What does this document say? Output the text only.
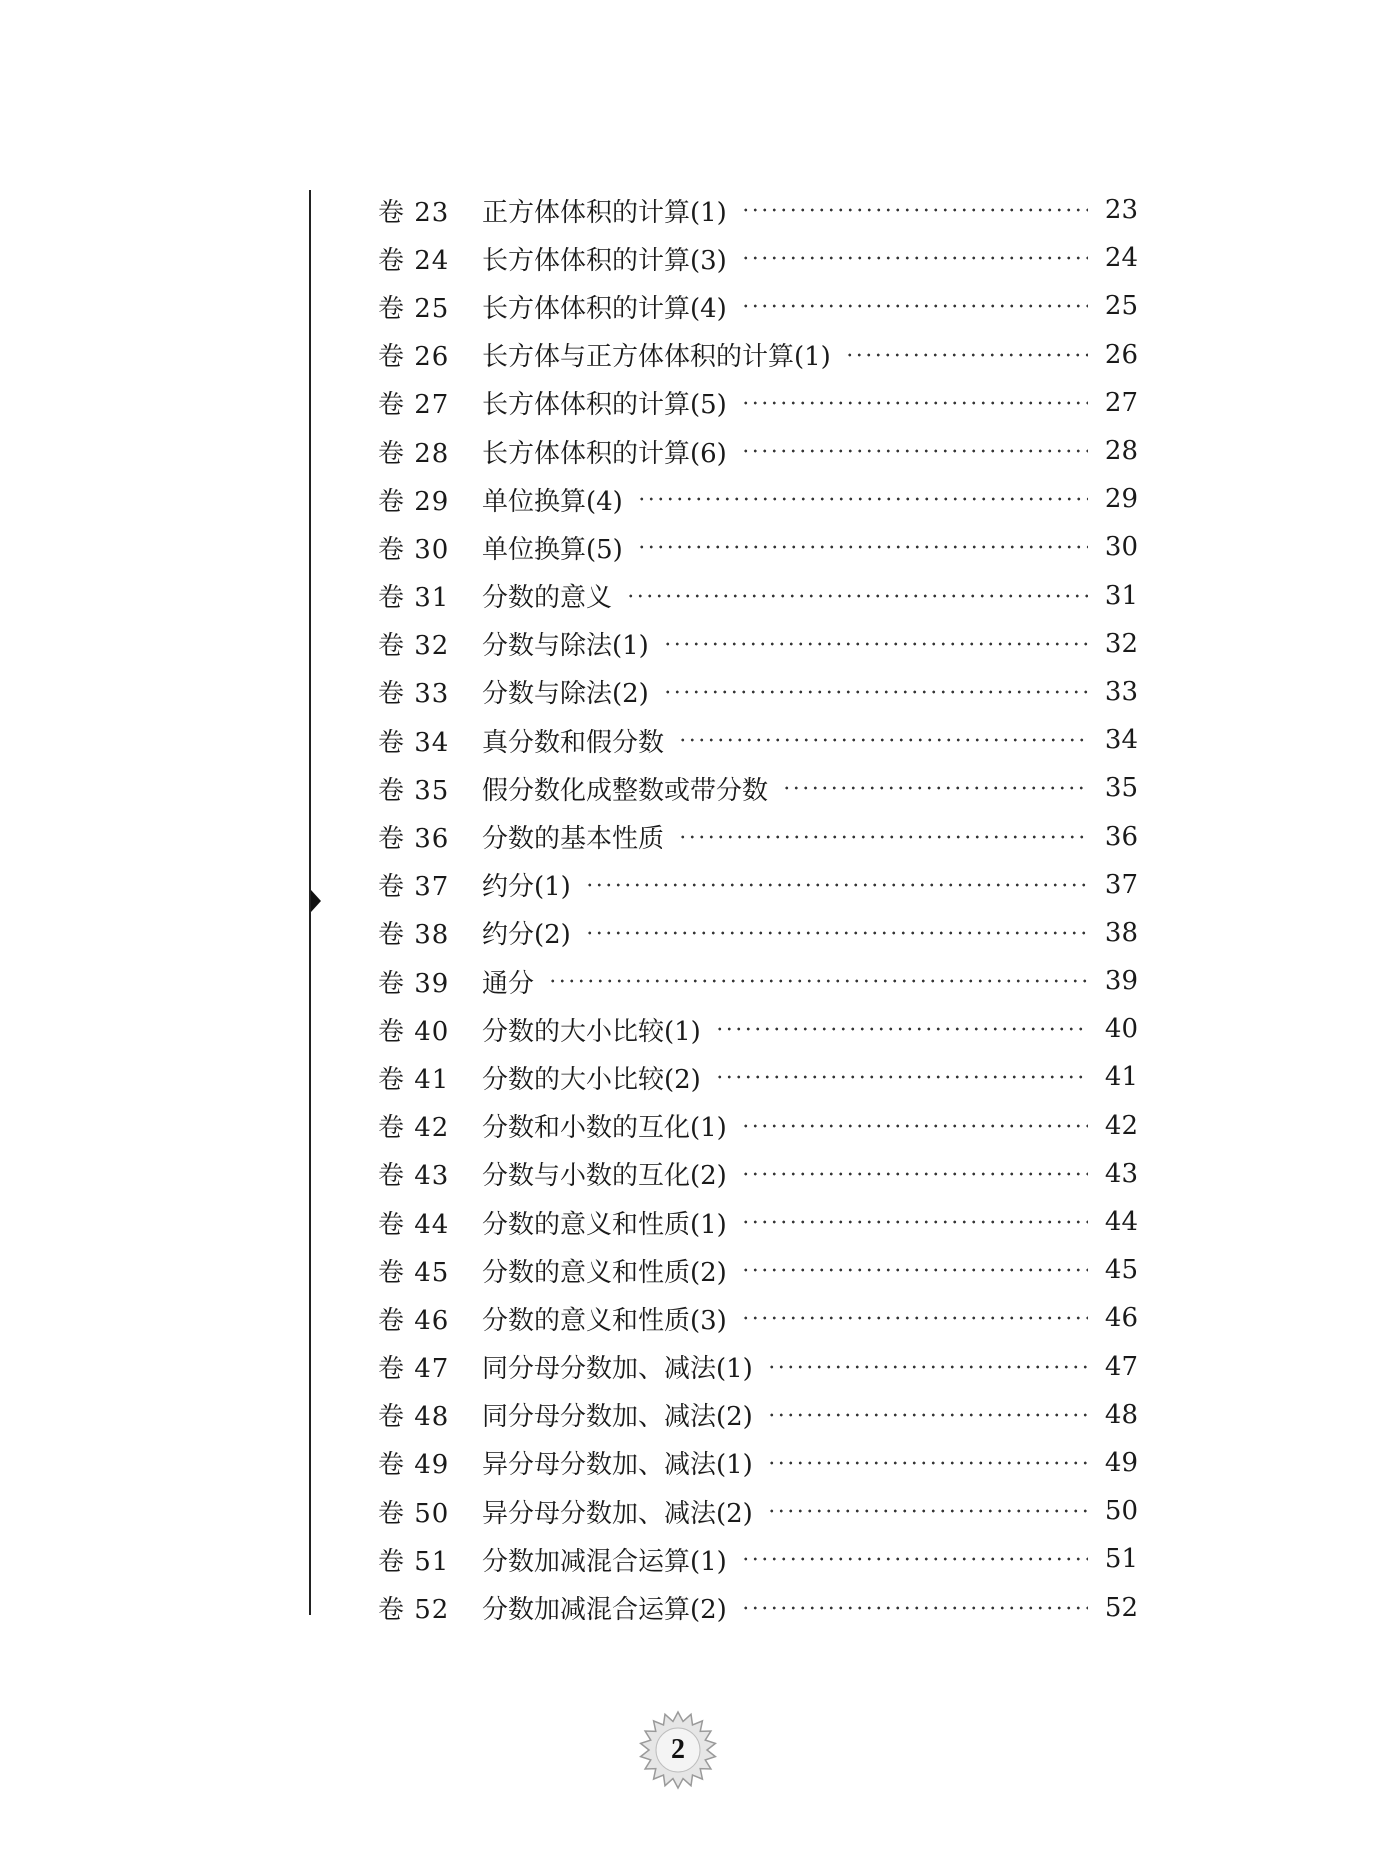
卷 23	正方体体积的计算(1)	23
卷 24	长方体体积的计算(3)	24
卷 25	长方体体积的计算(4)	25
卷 26	长方体与正方体体积的计算(1)	26
卷 27	长方体体积的计算(5)	27
卷 28	长方体体积的计算(6)	28
卷 29	单位换算(4)	29
卷 30	单位换算(5)	30
卷 31	分数的意义	31
卷 32	分数与除法(1)	32
卷 33	分数与除法(2)	33
卷 34	真分数和假分数	34
卷 35	假分数化成整数或带分数	35
卷 36	分数的基本性质	36
卷 37	约分(1)	37
卷 38	约分(2)	38
卷 39	通分	39
卷 40	分数的大小比较(1)	40
卷 41	分数的大小比较(2)	41
卷 42	分数和小数的互化(1)	42
卷 43	分数与小数的互化(2)	43
卷 44	分数的意义和性质(1)	44
卷 45	分数的意义和性质(2)	45
卷 46	分数的意义和性质(3)	46
卷 47	同分母分数加、减法(1)	47
卷 48	同分母分数加、减法(2)	48
卷 49	异分母分数加、减法(1)	49
卷 50	异分母分数加、减法(2)	50
卷 51	分数加减混合运算(1)	51
卷 52	分数加减混合运算(2)	52
2
